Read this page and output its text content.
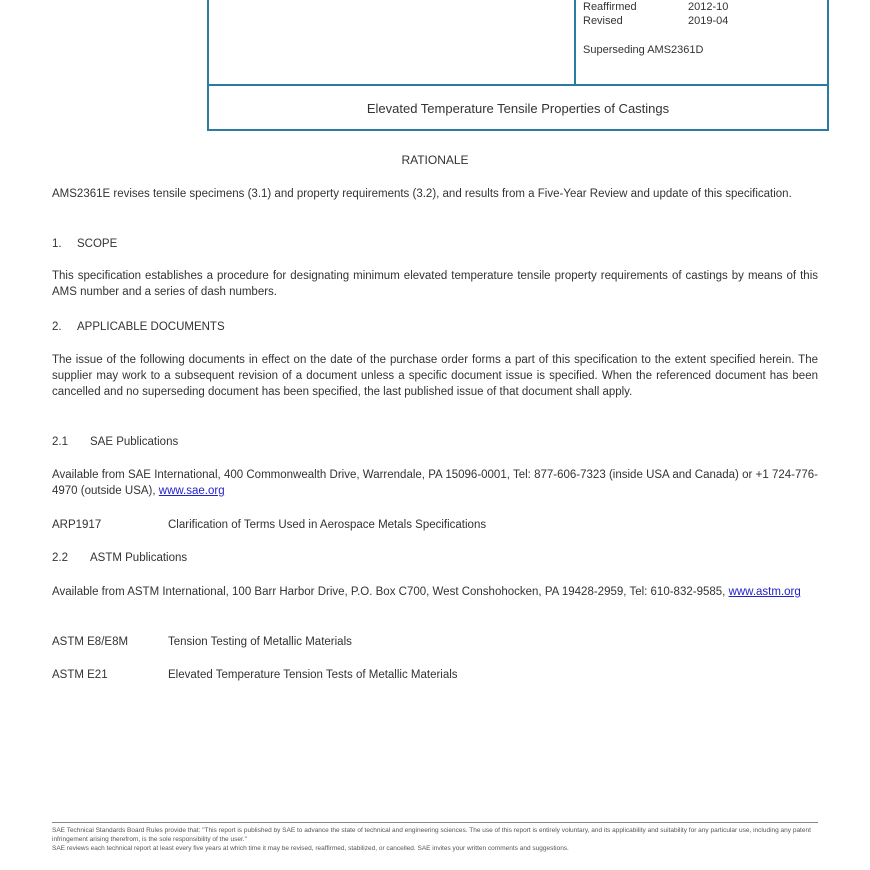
Reaffirmed	2012-10
Revised	2019-04
Superseding AMS2361D
Elevated Temperature Tensile Properties of Castings
RATIONALE
AMS2361E revises tensile specimens (3.1) and property requirements (3.2), and results from a Five-Year Review and update of this specification.
1. SCOPE
This specification establishes a procedure for designating minimum elevated temperature tensile property requirements of castings by means of this AMS number and a series of dash numbers.
2. APPLICABLE DOCUMENTS
The issue of the following documents in effect on the date of the purchase order forms a part of this specification to the extent specified herein. The supplier may work to a subsequent revision of a document unless a specific document issue is specified. When the referenced document has been cancelled and no superseding document has been specified, the last published issue of that document shall apply.
2.1 SAE Publications
Available from SAE International, 400 Commonwealth Drive, Warrendale, PA 15096-0001, Tel: 877-606-7323 (inside USA and Canada) or +1 724-776-4970 (outside USA), www.sae.org
ARP1917	Clarification of Terms Used in Aerospace Metals Specifications
2.2 ASTM Publications
Available from ASTM International, 100 Barr Harbor Drive, P.O. Box C700, West Conshohocken, PA 19428-2959, Tel: 610-832-9585, www.astm.org
ASTM E8/E8M	Tension Testing of Metallic Materials
ASTM E21	Elevated Temperature Tension Tests of Metallic Materials
SAE Technical Standards Board Rules provide that: "This report is published by SAE to advance the state of technical and engineering sciences. The use of this report is entirely voluntary, and its applicability and suitability for any particular use, including any patent infringement arising therefrom, is the sole responsibility of the user."
SAE reviews each technical report at least every five years at which time it may be revised, reaffirmed, stabilized, or cancelled. SAE invites your written comments and suggestions.
